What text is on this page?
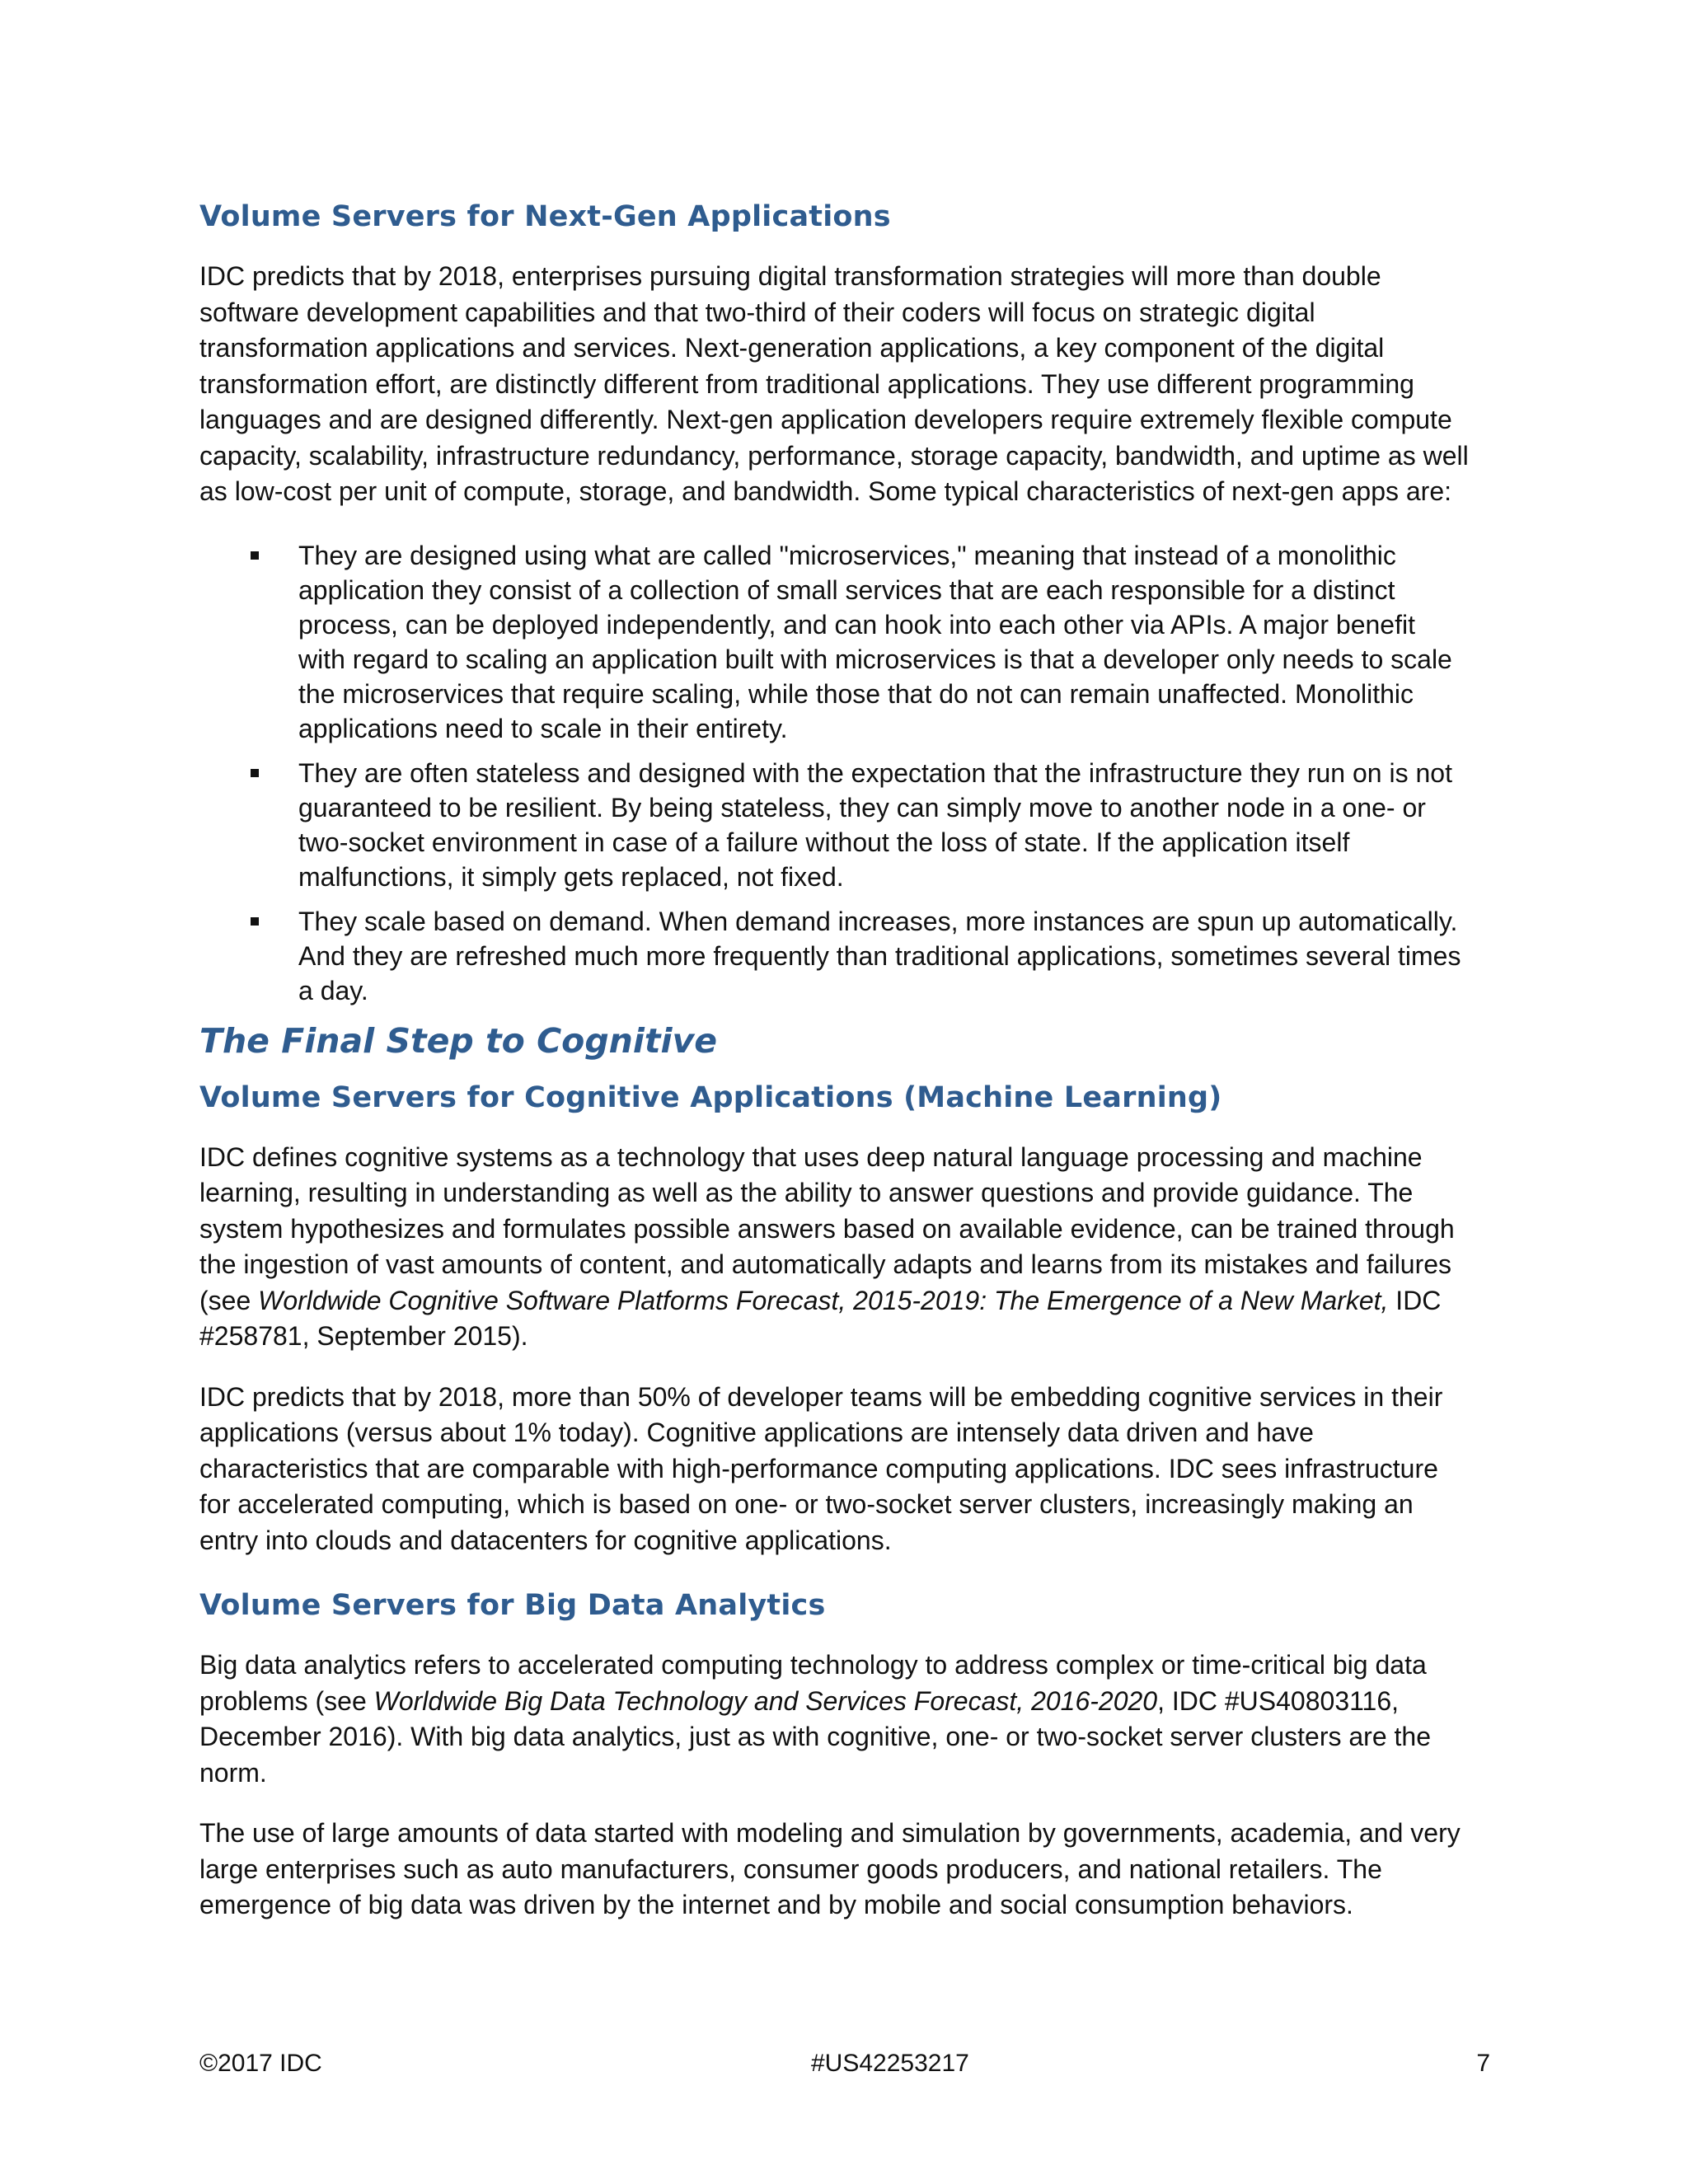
Volume Servers for Next-Gen Applications

IDC predicts that by 2018, enterprises pursuing digital transformation strategies will more than double software development capabilities and that two-third of their coders will focus on strategic digital transformation applications and services. Next-generation applications, a key component of the digital transformation effort, are distinctly different from traditional applications. They use different programming languages and are designed differently. Next-gen application developers require extremely flexible compute capacity, scalability, infrastructure redundancy, performance, storage capacity, bandwidth, and uptime as well as low-cost per unit of compute, storage, and bandwidth. Some typical characteristics of next-gen apps are:

They are designed using what are called "microservices," meaning that instead of a monolithic application they consist of a collection of small services that are each responsible for a distinct process, can be deployed independently, and can hook into each other via APIs. A major benefit with regard to scaling an application built with microservices is that a developer only needs to scale the microservices that require scaling, while those that do not can remain unaffected. Monolithic applications need to scale in their entirety.
They are often stateless and designed with the expectation that the infrastructure they run on is not guaranteed to be resilient. By being stateless, they can simply move to another node in a one- or two-socket environment in case of a failure without the loss of state. If the application itself malfunctions, it simply gets replaced, not fixed.
They scale based on demand. When demand increases, more instances are spun up automatically. And they are refreshed much more frequently than traditional applications, sometimes several times a day.
The Final Step to Cognitive
Volume Servers for Cognitive Applications (Machine Learning)

IDC defines cognitive systems as a technology that uses deep natural language processing and machine learning, resulting in understanding as well as the ability to answer questions and provide guidance. The system hypothesizes and formulates possible answers based on available evidence, can be trained through the ingestion of vast amounts of content, and automatically adapts and learns from its mistakes and failures (see Worldwide Cognitive Software Platforms Forecast, 2015-2019: The Emergence of a New Market, IDC #258781, September 2015).

IDC predicts that by 2018, more than 50% of developer teams will be embedding cognitive services in their applications (versus about 1% today). Cognitive applications are intensely data driven and have characteristics that are comparable with high-performance computing applications. IDC sees infrastructure for accelerated computing, which is based on one- or two-socket server clusters, increasingly making an entry into clouds and datacenters for cognitive applications.

Volume Servers for Big Data Analytics

Big data analytics refers to accelerated computing technology to address complex or time-critical big data problems (see Worldwide Big Data Technology and Services Forecast, 2016-2020, IDC #US40803116, December 2016). With big data analytics, just as with cognitive, one- or two-socket server clusters are the norm.

The use of large amounts of data started with modeling and simulation by governments, academia, and very large enterprises such as auto manufacturers, consumer goods producers, and national retailers. The emergence of big data was driven by the internet and by mobile and social consumption behaviors.

©2017 IDC	#US42253217	7
